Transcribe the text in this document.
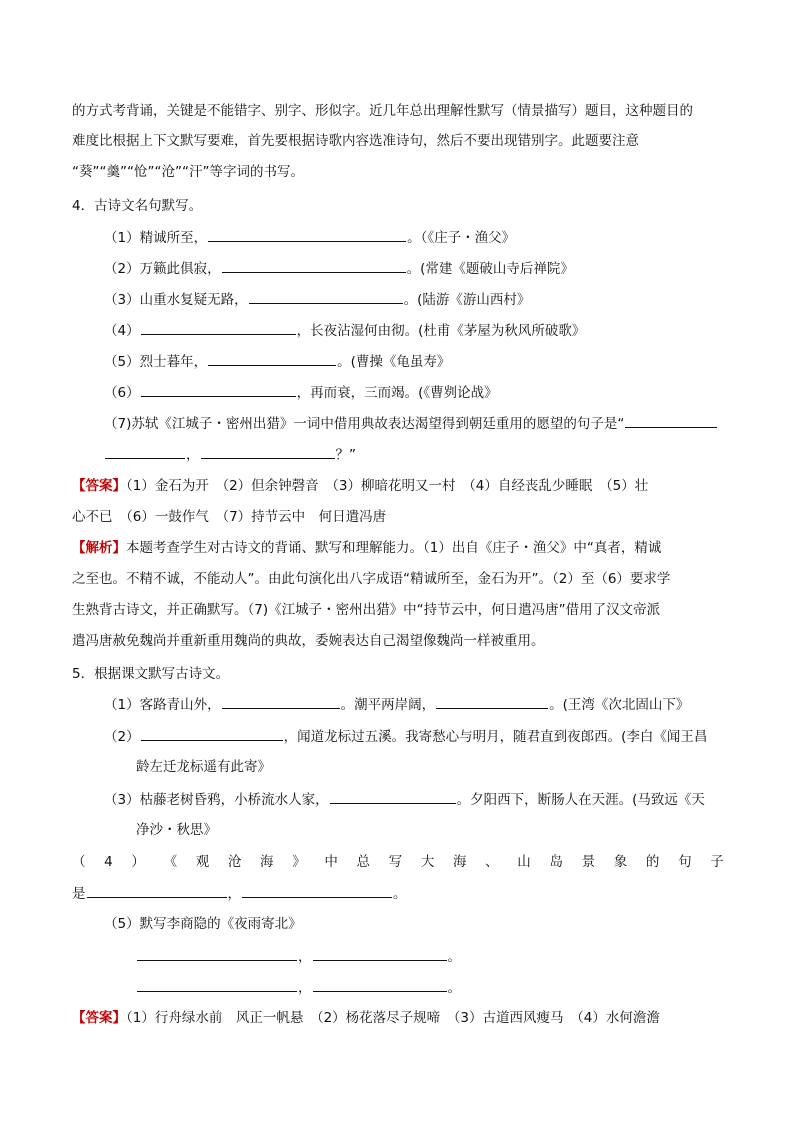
的方式考背诵，关键是不能错字、别字、形似字。近几年总出理解性默写（情景描写）题目，这种题目的
难度比根据上下文默写要难，首先要根据诗歌内容选准诗句，然后不要出现错别字。此题要注意
“葵”“羹”“怆”“沧”“汗”等字词的书写。
4．古诗文名句默写。
（1）精诚所至，	。（《庄子・渔父》
（2）万籁此俱寂，	。(常建《题破山寺后禅院》
（3）山重水复疑无路，	。(陆游《游山西村》
（4）	，长夜沾湿何由彻。(杜甫《茅屋为秋风所破歌》
（5）烈士暮年，	。(曹操《龟虽寿》
（6）	，再而衰，三而竭。(《曹刿论战》
（7)苏轼《江城子・密州出猎》一词中借用典故表达渴望得到朝廷重用的愿望的句子是“
，	？”
【答案】（1）金石为开　（2）但余钟磬音　（3）柳暗花明又一村　（4）自经丧乱少睡眠　（5）壮
心不已　（6）一鼓作气　（7）持节云中　何日遣冯唐
【解析】本题考查学生对古诗文的背诵、默写和理解能力。（1）出自《庄子・渔父》中“真者，精诚
之至也。不精不诚，不能动人”。由此句演化出八字成语“精诚所至，金石为开”。（2）至（6）要求学
生熟背古诗文，并正确默写。（7)《江城子・密州出猎》中“持节云中，何日遣冯唐”借用了汉文帝派
遣冯唐赦免魏尚并重新重用魏尚的典故，委婉表达自己渴望像魏尚一样被重用。
5．根据课文默写古诗文。
（1）客路青山外，	。潮平两岸阔，	。(王湾《次北固山下》
（2）	，闻道龙标过五溪。我寄愁心与明月，随君直到夜郎西。(李白《闻王昌
龄左迁龙标遥有此寄》
（3）枯藤老树昏鸦，小桥流水人家，	。夕阳西下，断肠人在天涯。(马致远《天
净沙・秋思》
（ 4 ） 《 观 沧 海 》 中 总 写 大 海 、 山 岛 景 象 的 句 子
是	，	。
（5）默写李商隐的《夜雨寄北》
，	。
，	。
【答案】（1）行舟绿水前　风正一帆悬　（2）杨花落尽子规啼　（3）古道西风瘦马　（4）水何澹澹
